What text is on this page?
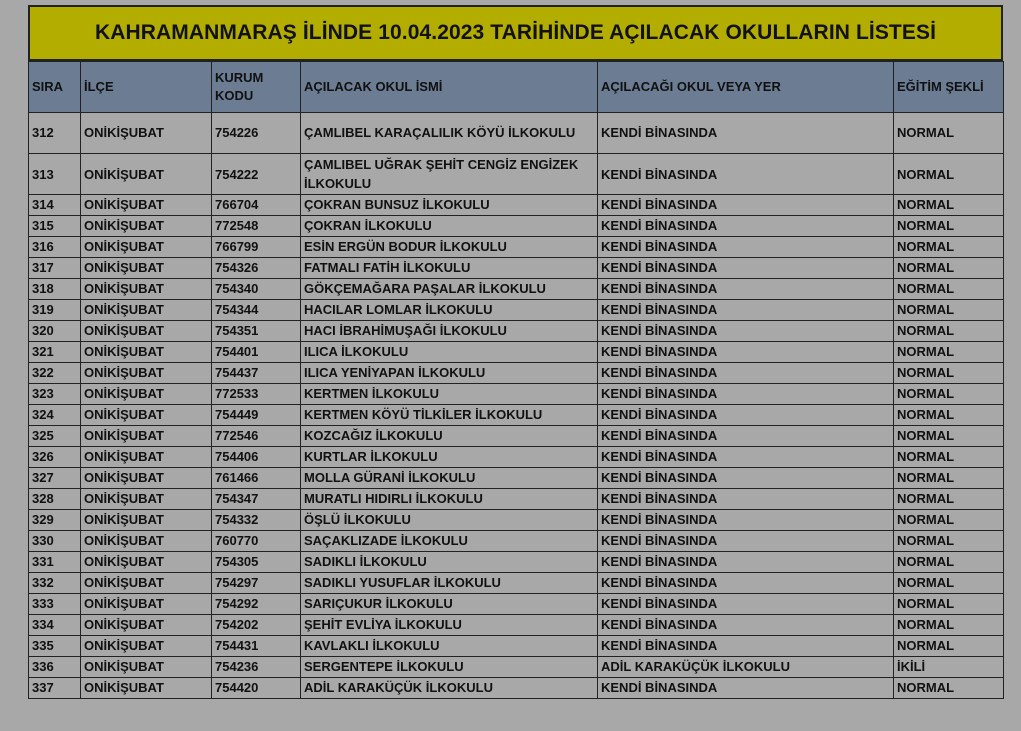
KAHRAMANMARAŞ İLİNDE 10.04.2023 TARİHİNDE AÇILACAK OKULLARIN LİSTESİ
SIRA	İLÇE	KURUM KODU	AÇILACAK OKUL İSMİ	AÇILACAĞI OKUL VEYA YER	EĞİTİM ŞEKLİ
312	ONİKİŞUBAT	754226	ÇAMLIBEL KARAÇALILIK KÖYÜ İLKOKULU	KENDİ BİNASINDA	NORMAL
313	ONİKİŞUBAT	754222	ÇAMLIBEL UĞRAK ŞEHİT CENGİZ ENGİZEK İLKOKULU	KENDİ BİNASINDA	NORMAL
314	ONİKİŞUBAT	766704	ÇOKRAN BUNSUZ İLKOKULU	KENDİ BİNASINDA	NORMAL
315	ONİKİŞUBAT	772548	ÇOKRAN İLKOKULU	KENDİ BİNASINDA	NORMAL
316	ONİKİŞUBAT	766799	ESİN ERGÜN BODUR İLKOKULU	KENDİ BİNASINDA	NORMAL
317	ONİKİŞUBAT	754326	FATMALI FATİH İLKOKULU	KENDİ BİNASINDA	NORMAL
318	ONİKİŞUBAT	754340	GÖKÇEMAĞARA PAŞALAR İLKOKULU	KENDİ BİNASINDA	NORMAL
319	ONİKİŞUBAT	754344	HACILAR LOMLAR İLKOKULU	KENDİ BİNASINDA	NORMAL
320	ONİKİŞUBAT	754351	HACI İBRAHİMUŞAĞI İLKOKULU	KENDİ BİNASINDA	NORMAL
321	ONİKİŞUBAT	754401	ILICA İLKOKULU	KENDİ BİNASINDA	NORMAL
322	ONİKİŞUBAT	754437	ILICA YENİYAPAN İLKOKULU	KENDİ BİNASINDA	NORMAL
323	ONİKİŞUBAT	772533	KERTMEN İLKOKULU	KENDİ BİNASINDA	NORMAL
324	ONİKİŞUBAT	754449	KERTMEN KÖYÜ TİLKİLER İLKOKULU	KENDİ BİNASINDA	NORMAL
325	ONİKİŞUBAT	772546	KOZCAĞIZ İLKOKULU	KENDİ BİNASINDA	NORMAL
326	ONİKİŞUBAT	754406	KURTLAR İLKOKULU	KENDİ BİNASINDA	NORMAL
327	ONİKİŞUBAT	761466	MOLLA GÜRANİ İLKOKULU	KENDİ BİNASINDA	NORMAL
328	ONİKİŞUBAT	754347	MURATLI HIDIRLI İLKOKULU	KENDİ BİNASINDA	NORMAL
329	ONİKİŞUBAT	754332	ÖŞLÜ İLKOKULU	KENDİ BİNASINDA	NORMAL
330	ONİKİŞUBAT	760770	SAÇAKLIZADE İLKOKULU	KENDİ BİNASINDA	NORMAL
331	ONİKİŞUBAT	754305	SADIKLI İLKOKULU	KENDİ BİNASINDA	NORMAL
332	ONİKİŞUBAT	754297	SADIKLI YUSUFLAR İLKOKULU	KENDİ BİNASINDA	NORMAL
333	ONİKİŞUBAT	754292	SARIÇUKUR İLKOKULU	KENDİ BİNASINDA	NORMAL
334	ONİKİŞUBAT	754202	ŞEHİT EVLİYA İLKOKULU	KENDİ BİNASINDA	NORMAL
335	ONİKİŞUBAT	754431	KAVLAKLI İLKOKULU	KENDİ BİNASINDA	NORMAL
336	ONİKİŞUBAT	754236	SERGENTEPE İLKOKULU	ADİL KARAKÜÇÜK İLKOKULU	İKİLİ
337	ONİKİŞUBAT	754420	ADİL KARAKÜÇÜK İLKOKULU	KENDİ BİNASINDA	NORMAL
